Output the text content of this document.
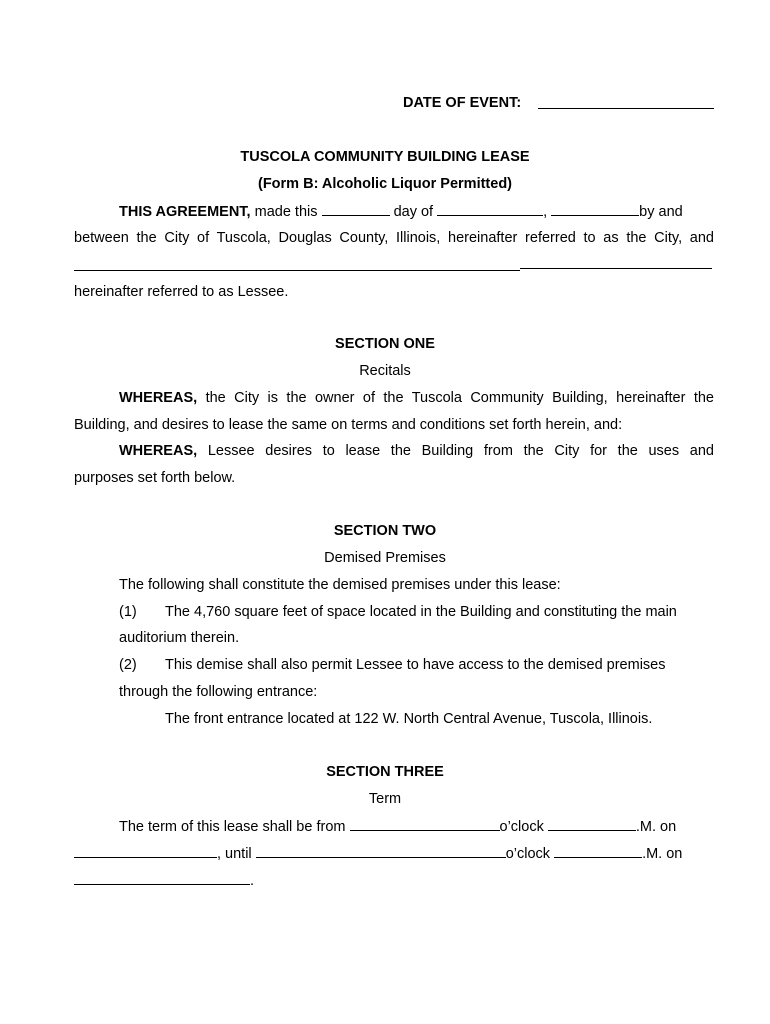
DATE OF EVENT:
TUSCOLA COMMUNITY BUILDING LEASE
(Form B: Alcoholic Liquor Permitted)
THIS AGREEMENT, made this	day of	,	by and
between the City of Tuscola, Douglas County, Illinois, hereinafter referred to as the City, and
hereinafter referred to as Lessee.
SECTION ONE
Recitals
WHEREAS, the City is the owner of the Tuscola Community Building, hereinafter the
Building, and desires to lease the same on terms and conditions set forth herein, and:
WHEREAS, Lessee desires to lease the Building from the City for the uses and
purposes set forth below.
SECTION TWO
Demised Premises
The following shall constitute the demised premises under this lease:
(1) The 4,760 square feet of space located in the Building and constituting the main
auditorium therein.
(2) This demise shall also permit Lessee to have access to the demised premises
through the following entrance:
The front entrance located at 122 W. North Central Avenue, Tuscola, Illinois.
SECTION THREE
Term
The term of this lease shall be from	o’clock	.M. on
, until	o’clock	.M. on
.
